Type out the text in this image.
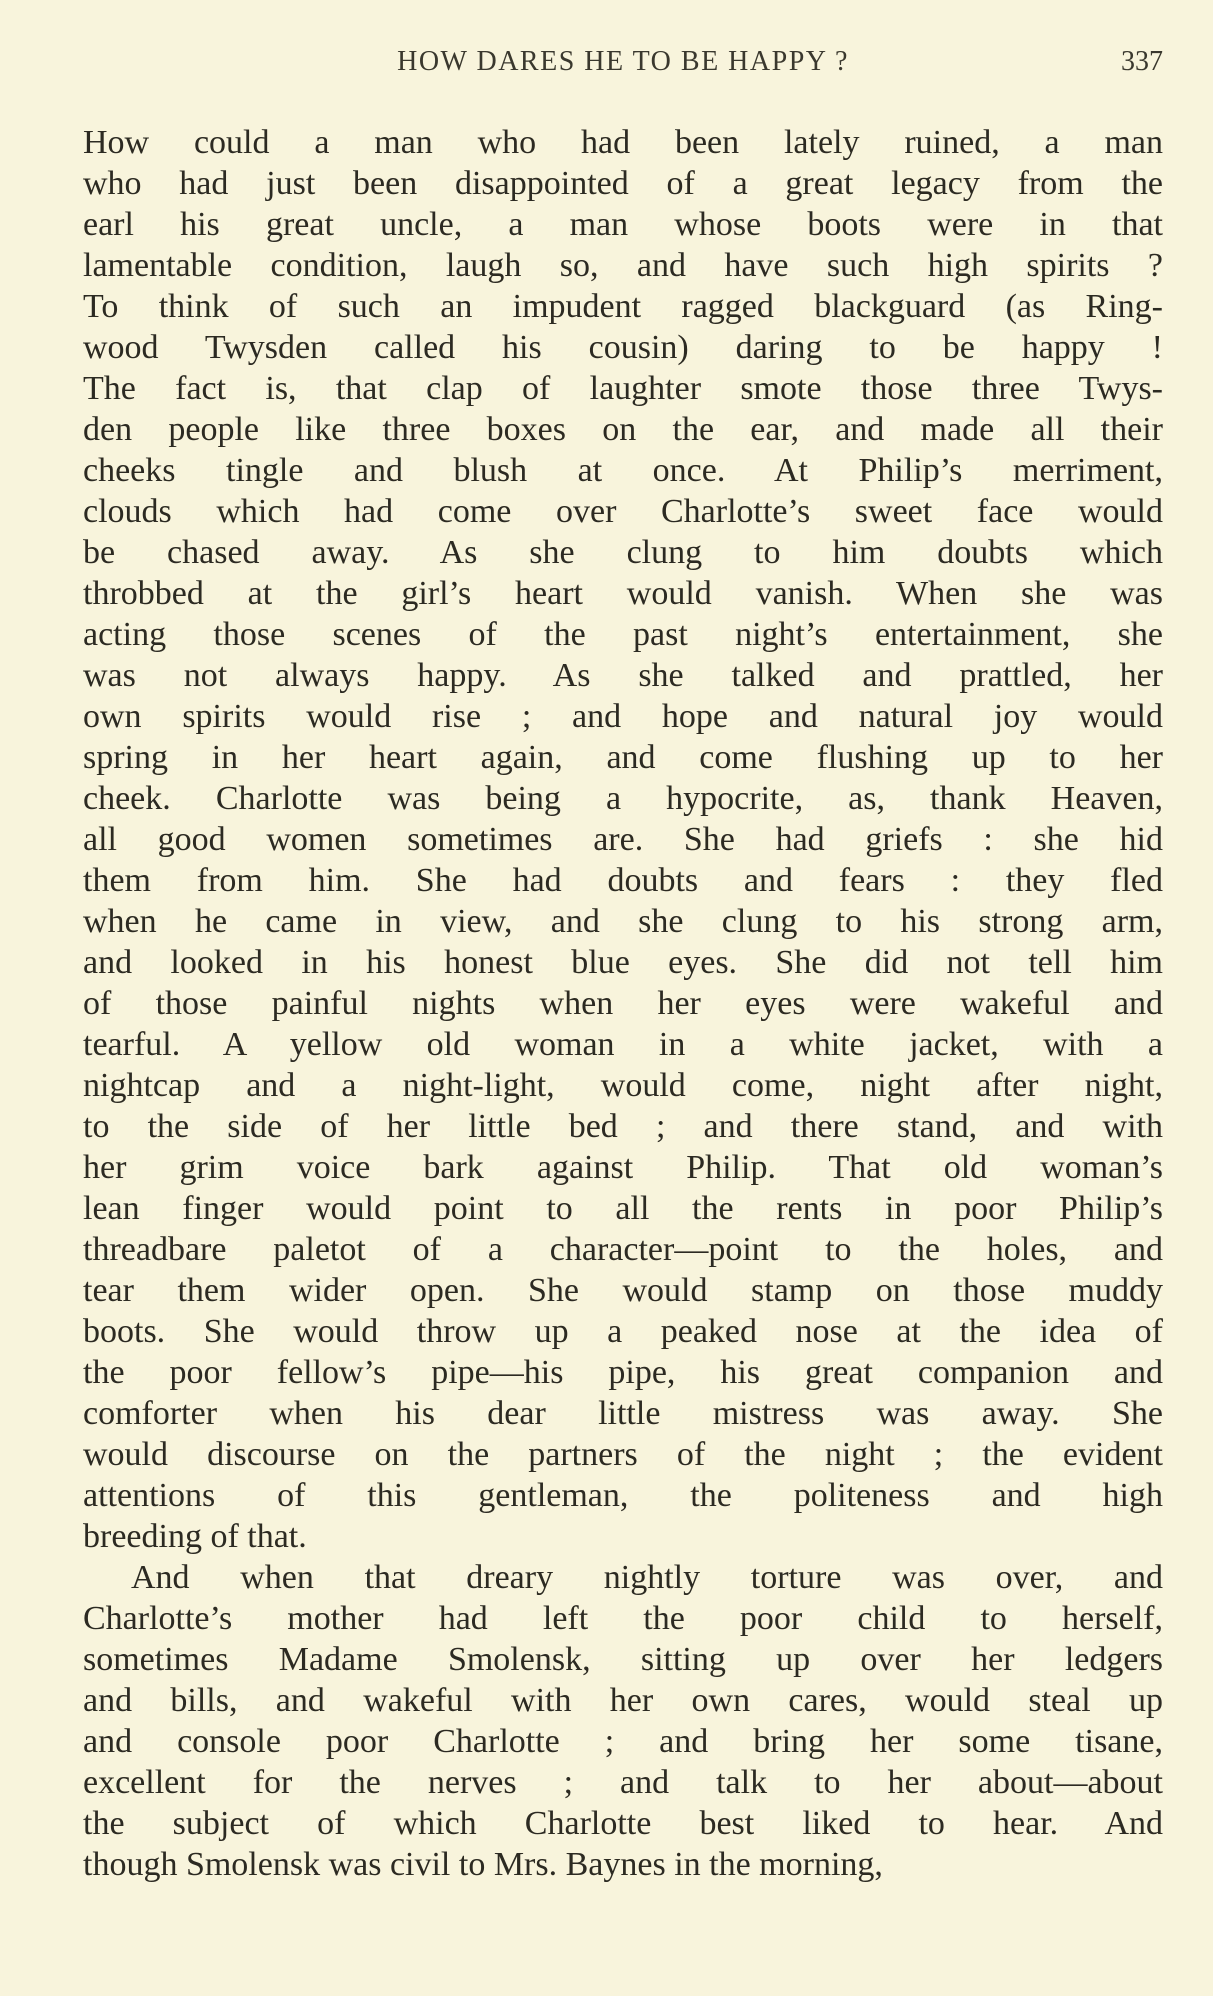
HOW DARES HE TO BE HAPPY ?	337
How could a man who had been lately ruined, a man
who had just been disappointed of a great legacy from the
earl his great uncle, a man whose boots were in that
lamentable condition, laugh so, and have such high spirits ?
To think of such an impudent ragged blackguard (as Ring-
wood Twysden called his cousin) daring to be happy !
The fact is, that clap of laughter smote those three Twys-
den people like three boxes on the ear, and made all their
cheeks tingle and blush at once. At Philip’s merriment,
clouds which had come over Charlotte’s sweet face would
be chased away. As she clung to him doubts which
throbbed at the girl’s heart would vanish. When she was
acting those scenes of the past night’s entertainment, she
was not always happy. As she talked and prattled, her
own spirits would rise ; and hope and natural joy would
spring in her heart again, and come flushing up to her
cheek. Charlotte was being a hypocrite, as, thank Heaven,
all good women sometimes are. She had griefs : she hid
them from him. She had doubts and fears : they fled
when he came in view, and she clung to his strong arm,
and looked in his honest blue eyes. She did not tell him
of those painful nights when her eyes were wakeful and
tearful. A yellow old woman in a white jacket, with a
nightcap and a night-light, would come, night after night,
to the side of her little bed ; and there stand, and with
her grim voice bark against Philip. That old woman’s
lean finger would point to all the rents in poor Philip’s
threadbare paletot of a character—point to the holes, and
tear them wider open. She would stamp on those muddy
boots. She would throw up a peaked nose at the idea of
the poor fellow’s pipe—his pipe, his great companion and
comforter when his dear little mistress was away. She
would discourse on the partners of the night ; the evident
attentions of this gentleman, the politeness and high
breeding of that.
And when that dreary nightly torture was over, and
Charlotte’s mother had left the poor child to herself,
sometimes Madame Smolensk, sitting up over her ledgers
and bills, and wakeful with her own cares, would steal up
and console poor Charlotte ; and bring her some tisane,
excellent for the nerves ; and talk to her about—about
the subject of which Charlotte best liked to hear. And
though Smolensk was civil to Mrs. Baynes in the morning,
